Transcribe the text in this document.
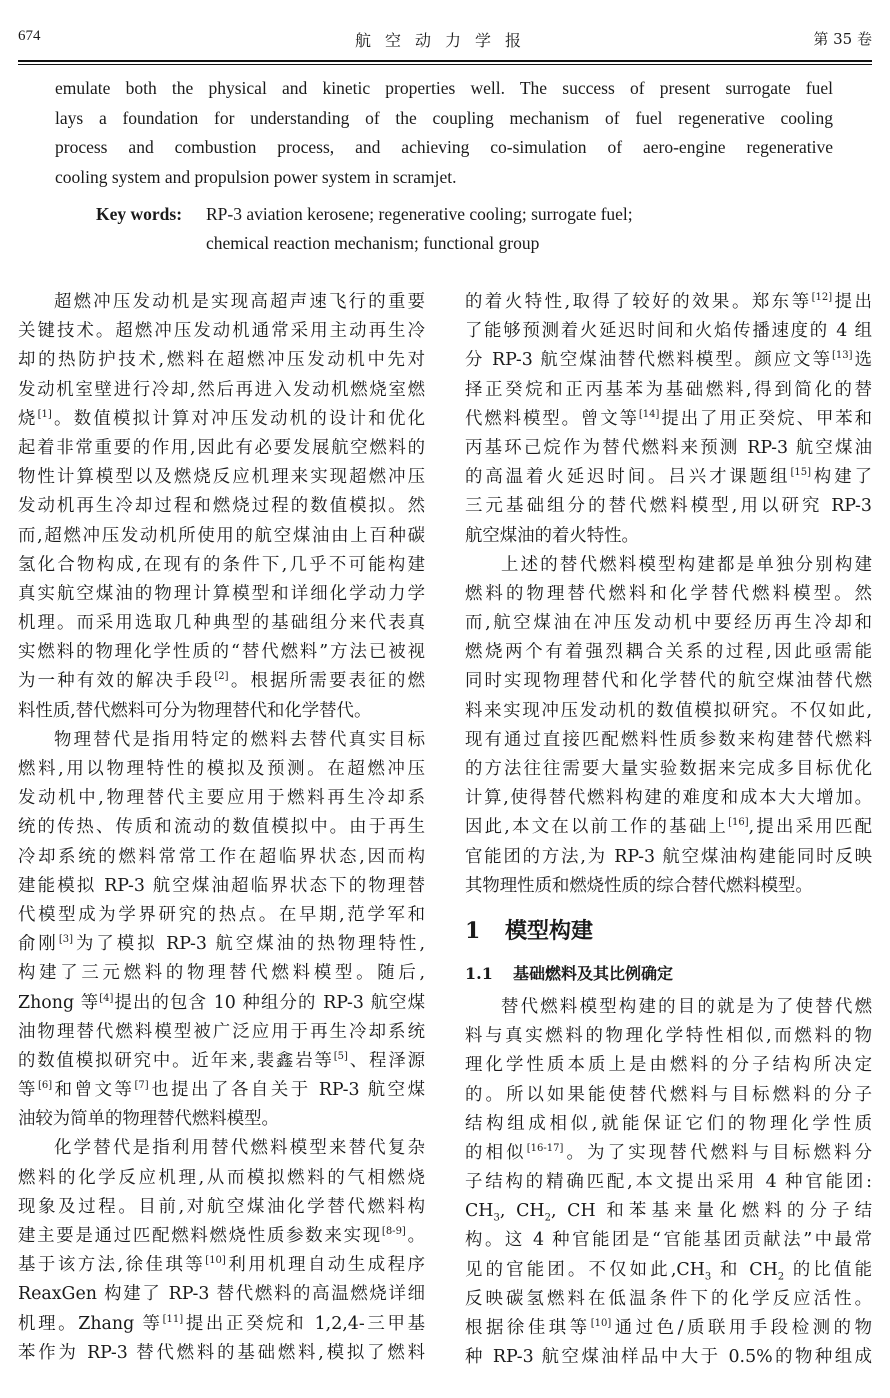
674	航空动力学报	第 35 卷
emulate both the physical and kinetic properties well. The success of present surrogate fuel
lays a foundation for understanding of the coupling mechanism of fuel regenerative cooling
process and combustion process, and achieving co-simulation of aero-engine regenerative
cooling system and propulsion power system in scramjet.
Key words: RP-3 aviation kerosene; regenerative cooling; surrogate fuel;
chemical reaction mechanism; functional group
超燃冲压发动机是实现高超声速飞行的重要
关键技术。超燃冲压发动机通常采用主动再生冷
却的热防护技术,燃料在超燃冲压发动机中先对
发动机室壁进行冷却,然后再进入发动机燃烧室燃
烧[1]。数值模拟计算对冲压发动机的设计和优化
起着非常重要的作用,因此有必要发展航空燃料的
物性计算模型以及燃烧反应机理来实现超燃冲压
发动机再生冷却过程和燃烧过程的数值模拟。然
而,超燃冲压发动机所使用的航空煤油由上百种碳
氢化合物构成,在现有的条件下,几乎不可能构建
真实航空煤油的物理计算模型和详细化学动力学
机理。而采用选取几种典型的基础组分来代表真
实燃料的物理化学性质的“替代燃料”方法已被视
为一种有效的解决手段[2]。根据所需要表征的燃
料性质,替代燃料可分为物理替代和化学替代。
物理替代是指用特定的燃料去替代真实目标
燃料,用以物理特性的模拟及预测。在超燃冲压
发动机中,物理替代主要应用于燃料再生冷却系
统的传热、传质和流动的数值模拟中。由于再生
冷却系统的燃料常常工作在超临界状态,因而构
建能模拟 RP-3 航空煤油超临界状态下的物理替
代模型成为学界研究的热点。在早期,范学军和
俞刚[3]为了模拟 RP-3 航空煤油的热物理特性,
构建了三元燃料的物理替代燃料模型。随后,
Zhong 等[4]提出的包含 10 种组分的 RP-3 航空煤
油物理替代燃料模型被广泛应用于再生冷却系统
的数值模拟研究中。近年来,裴鑫岩等[5]、程泽源
等[6]和曾文等[7]也提出了各自关于 RP-3 航空煤
油较为简单的物理替代燃料模型。
化学替代是指利用替代燃料模型来替代复杂
燃料的化学反应机理,从而模拟燃料的气相燃烧
现象及过程。目前,对航空煤油化学替代燃料构
建主要是通过匹配燃料燃烧性质参数来实现[8-9]。
基于该方法,徐佳琪等[10]利用机理自动生成程序
ReaxGen 构建了 RP-3 替代燃料的高温燃烧详细
机理。Zhang 等[11]提出正癸烷和 1,2,4-三甲基
苯作为 RP-3 替代燃料的基础燃料,模拟了燃料
的着火特性,取得了较好的效果。郑东等[12]提出
了能够预测着火延迟时间和火焰传播速度的 4 组
分 RP-3 航空煤油替代燃料模型。颜应文等[13]选
择正癸烷和正丙基苯为基础燃料,得到简化的替
代燃料模型。曾文等[14]提出了用正癸烷、甲苯和
丙基环己烷作为替代燃料来预测 RP-3 航空煤油
的高温着火延迟时间。吕兴才课题组[15]构建了
三元基础组分的替代燃料模型,用以研究 RP-3
航空煤油的着火特性。
上述的替代燃料模型构建都是单独分别构建
燃料的物理替代燃料和化学替代燃料模型。然
而,航空煤油在冲压发动机中要经历再生冷却和
燃烧两个有着强烈耦合关系的过程,因此亟需能
同时实现物理替代和化学替代的航空煤油替代燃
料来实现冲压发动机的数值模拟研究。不仅如此,
现有通过直接匹配燃料性质参数来构建替代燃料
的方法往往需要大量实验数据来完成多目标优化
计算,使得替代燃料构建的难度和成本大大增加。
因此,本文在以前工作的基础上[16],提出采用匹配
官能团的方法,为 RP-3 航空煤油构建能同时反映
其物理性质和燃烧性质的综合替代燃料模型。
1 模型构建
1.1 基础燃料及其比例确定
替代燃料模型构建的目的就是为了使替代燃
料与真实燃料的物理化学特性相似,而燃料的物
理化学性质本质上是由燃料的分子结构所决定
的。所以如果能使替代燃料与目标燃料的分子
结构组成相似,就能保证它们的物理化学性质
的相似[16-17]。为了实现替代燃料与目标燃料分
子结构的精确匹配,本文提出采用 4 种官能团:
$CH_3$, $CH_2$, CH 和苯基来量化燃料的分子结
构。这 4 种官能团是“官能基团贡献法”中最常
见的官能团。不仅如此$,CH_3$ 和 $CH_2$ 的比值能
反映碳氢燃料在低温条件下的化学反应活性。
根据徐佳琪等[10]通过色/质联用手段检测的物
种 RP-3 航空煤油样品中大于 0.5%的物种组成
